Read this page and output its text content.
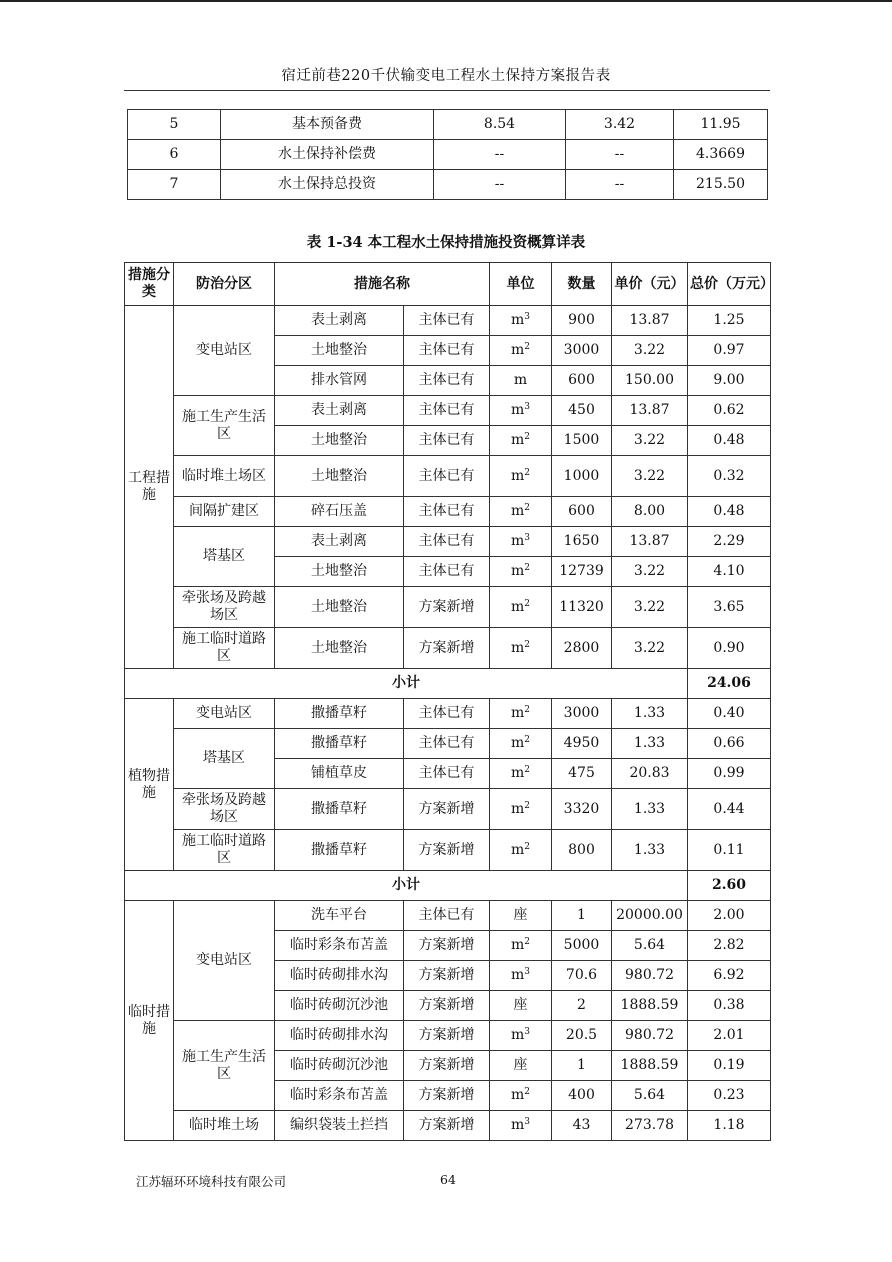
宿迁前巷220千伏输变电工程水土保持方案报告表
5	基本预备费	8.54	3.42	11.95
6	水土保持补偿费	--	--	4.3669
7	水土保持总投资	--	--	215.50
表 1-34 本工程水土保持措施投资概算详表
措施分类	防治分区	措施名称		单位	数量	单价（元）	总价（万元）
工程措施	变电站区	表土剥离	主体已有	$m^3$	900	13.87	1.25
		土地整治	主体已有	$m^2$	3000	3.22	0.97
		排水管网	主体已有	m	600	150.00	9.00
	施工生产生活区	表土剥离	主体已有	$m^3$	450	13.87	0.62
		土地整治	主体已有	$m^2$	1500	3.22	0.48
	临时堆土场区	土地整治	主体已有	$m^2$	1000	3.22	0.32
	间隔扩建区	碎石压盖	主体已有	$m^2$	600	8.00	0.48
	塔基区	表土剥离	主体已有	$m^3$	1650	13.87	2.29
		土地整治	主体已有	$m^2$	12739	3.22	4.10
	牵张场及跨越场区	土地整治	方案新增	$m^2$	11320	3.22	3.65
	施工临时道路区	土地整治	方案新增	$m^2$	2800	3.22	0.90
小计							24.06
植物措施	变电站区	撒播草籽	主体已有	$m^2$	3000	1.33	0.40
	塔基区	撒播草籽	主体已有	$m^2$	4950	1.33	0.66
		铺植草皮	主体已有	$m^2$	475	20.83	0.99
	牵张场及跨越场区	撒播草籽	方案新增	$m^2$	3320	1.33	0.44
	施工临时道路区	撒播草籽	方案新增	$m^2$	800	1.33	0.11
小计							2.60
临时措施	变电站区	洗车平台	主体已有	座	1	20000.00	2.00
		临时彩条布苫盖	方案新增	$m^2$	5000	5.64	2.82
		临时砖砌排水沟	方案新增	$m^3$	70.6	980.72	6.92
		临时砖砌沉沙池	方案新增	座	2	1888.59	0.38
	施工生产生活区	临时砖砌排水沟	方案新增	$m^3$	20.5	980.72	2.01
		临时砖砌沉沙池	方案新增	座	1	1888.59	0.19
		临时彩条布苫盖	方案新增	$m^2$	400	5.64	0.23
	临时堆土场	编织袋装土拦挡	方案新增	$m^3$	43	273.78	1.18
江苏辐环环境科技有限公司	64
